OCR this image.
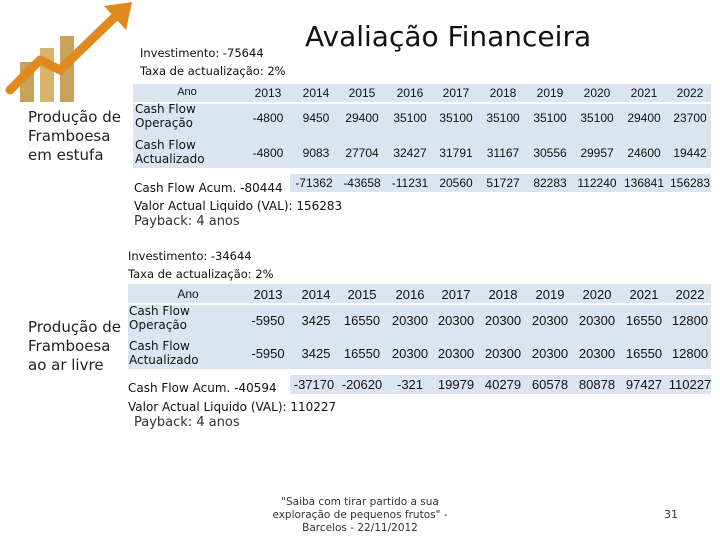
Avaliação Financeira
Produção de Framboesa em estufa
Investimento: -75644
Taxa de actualização: 2%
Ano	2013	2014	2015	2016	2017	2018	2019	2020	2021	2022
Cash Flow Operação	-4800	9450	29400	35100	35100	35100	35100	35100	29400	23700
Cash Flow Actualizado	-4800	9083	27704	32427	31791	31167	30556	29957	24600	19442
Cash Flow Acum. -80444	-71362 -43658 -11231 20560	51727	82283 112240 136841 156283
Valor Actual Liquido (VAL): 156283
Payback: 4 anos
Produção de Framboesa ao ar livre
Investimento: -34644
Taxa de actualização: 2%
Ano	2013	2014	2015	2016	2017	2018	2019	2020	2021	2022
Cash Flow Operação	-5950	3425	16550 20300 20300 20300 20300 20300 16550 12800
Cash Flow Actualizado	-5950	3425	16550 20300 20300 20300 20300 20300 16550 12800
Cash Flow Acum. -40594 -37170 -20620	-321	19979 40279 60578 80878 97427 110227
Valor Actual Liquido (VAL): 110227
Payback: 4 anos
"Saiba com tirar partido a sua exploração de pequenos frutos" - Barcelos - 22/11/2012
31
